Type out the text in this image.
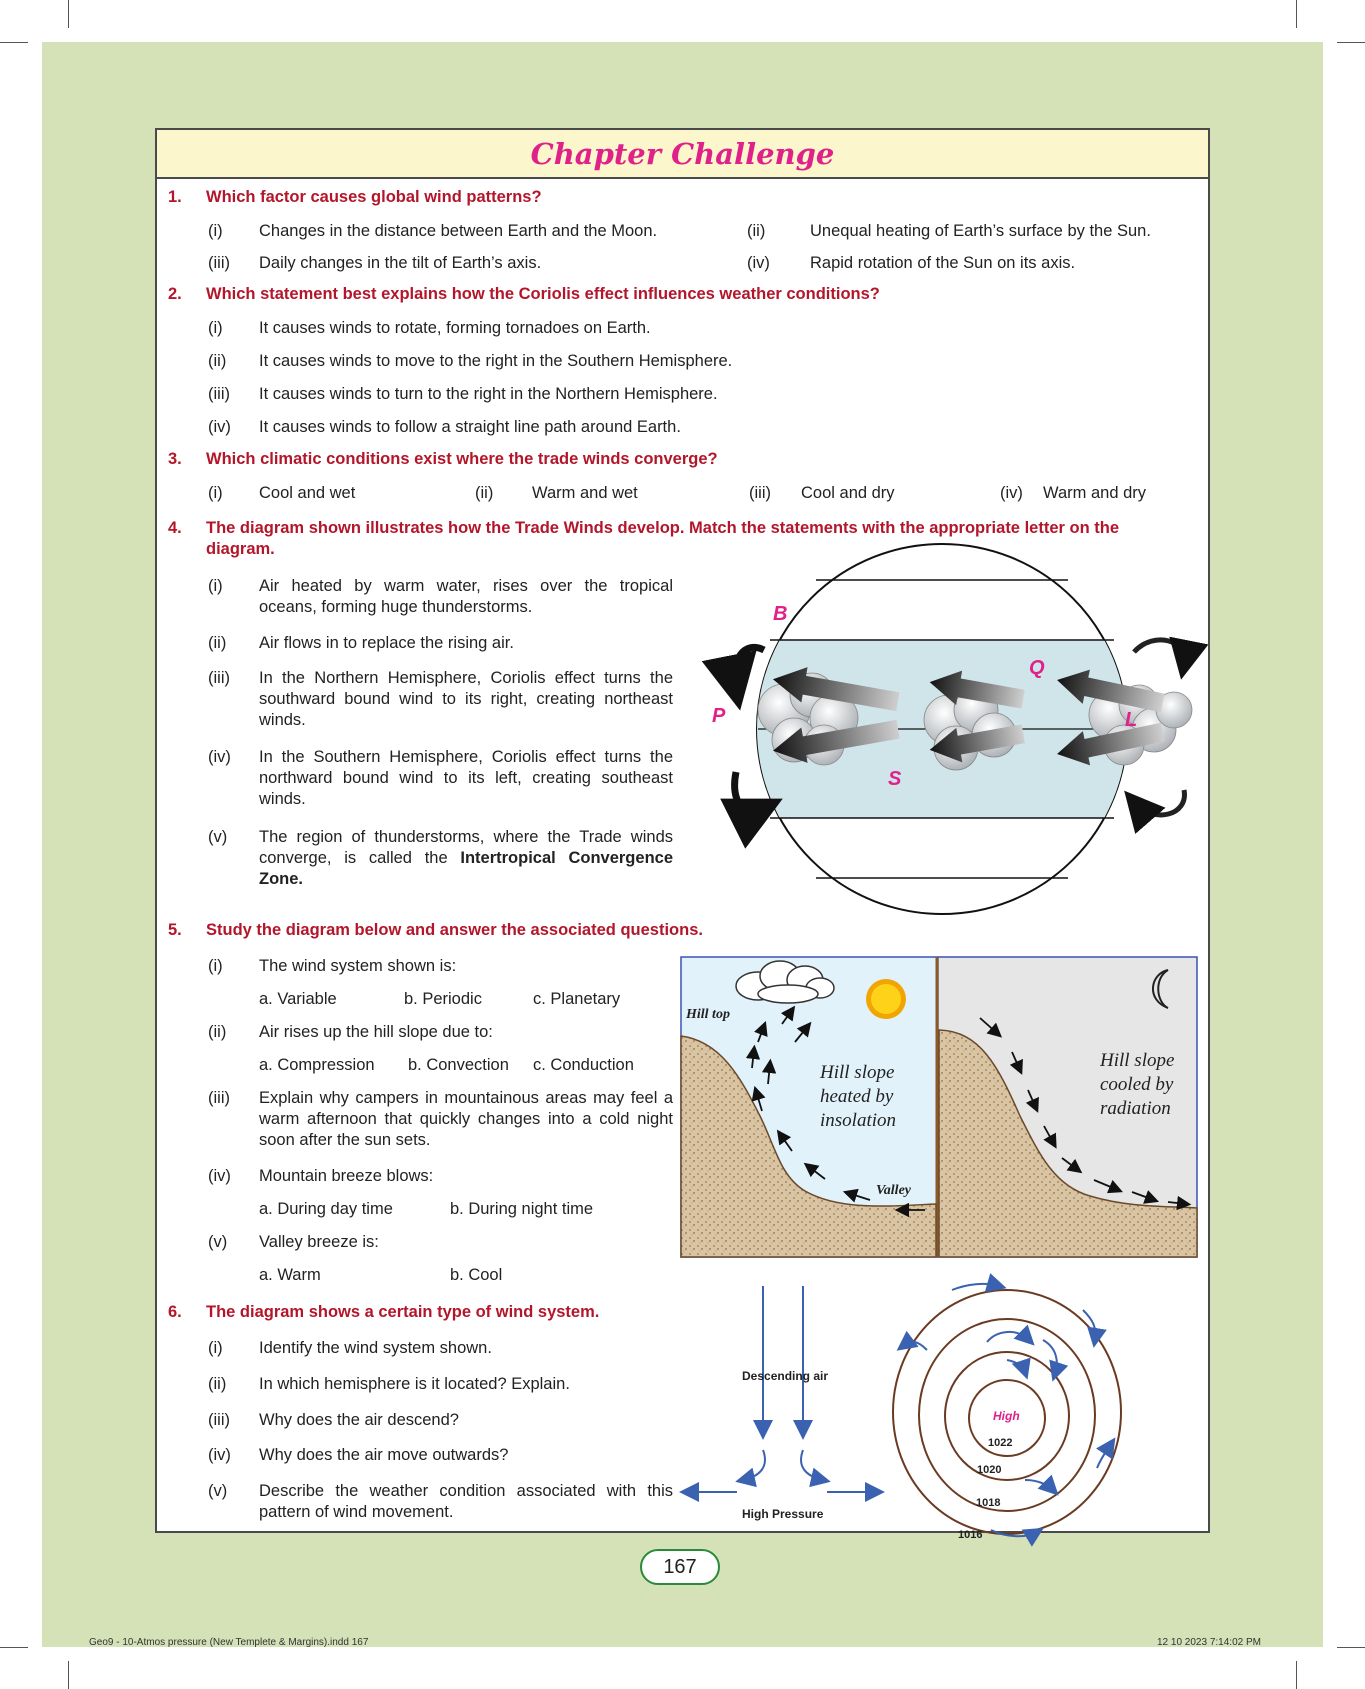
Chapter Challenge
1. Which factor causes global wind patterns?
(i) Changes in the distance between Earth and the Moon.	(ii)	Unequal heating of Earth’s surface by the Sun.
(iii) Daily changes in the tilt of Earth’s axis.	(iv) Rapid rotation of the Sun on its axis.
2. Which statement best explains how the Coriolis effect influences weather conditions?
(i) It causes winds to rotate, forming tornadoes on Earth.
(ii) It causes winds to move to the right in the Southern Hemisphere.
(iii) It causes winds to turn to the right in the Northern Hemisphere.
(iv) It causes winds to follow a straight line path around Earth.
3. Which climatic conditions exist where the trade winds converge?
(i) Cool and wet	(ii) Warm and wet	(iii) Cool and dry	(iv) Warm and dry
4. The diagram shown illustrates how the Trade Winds develop. Match the statements with the appropriate letter on the
diagram.
(i) Air heated by warm water, rises over the tropical oceans, forming huge thunderstorms.
(ii) Air flows in to replace the rising air.
(iii) In the Northern Hemisphere, Coriolis effect turns the southward bound wind to its right, creating northeast winds.
(iv) In the Southern Hemisphere, Coriolis effect turns the northward bound wind to its left, creating southeast winds.
(v) The region of thunderstorms, where the Trade winds converge, is called the Intertropical Convergence Zone.
B
Q
P	L
S
5. Study the diagram below and answer the associated questions.
(i) The wind system shown is:
a. Variable	b. Periodic	c. Planetary
(ii) Air rises up the hill slope due to:
a. Compression b. Convection c. Conduction
(iii) Explain why campers in mountainous areas may feel a warm afternoon that quickly changes into a cold night soon after the sun sets.
(iv) Mountain breeze blows:
a. During day time	b. During night time
(v) Valley breeze is:
a. Warm	b. Cool
Hill top
Valley
Hill slope
heated by
insolation
Hill slope
cooled by
radiation
6. The diagram shows a certain type of wind system.
(i) Identify the wind system shown.
(ii) In which hemisphere is it located? Explain.
(iii) Why does the air descend?
(iv) Why does the air move outwards?
(v) Describe the weather condition associated with this pattern of wind movement.
Descending air
High Pressure
High
1022
1020
1018
1016
167
Geo9 - 10-Atmos pressure (New Templete & Margins).indd 167	12 10 2023 7:14:02 PM
